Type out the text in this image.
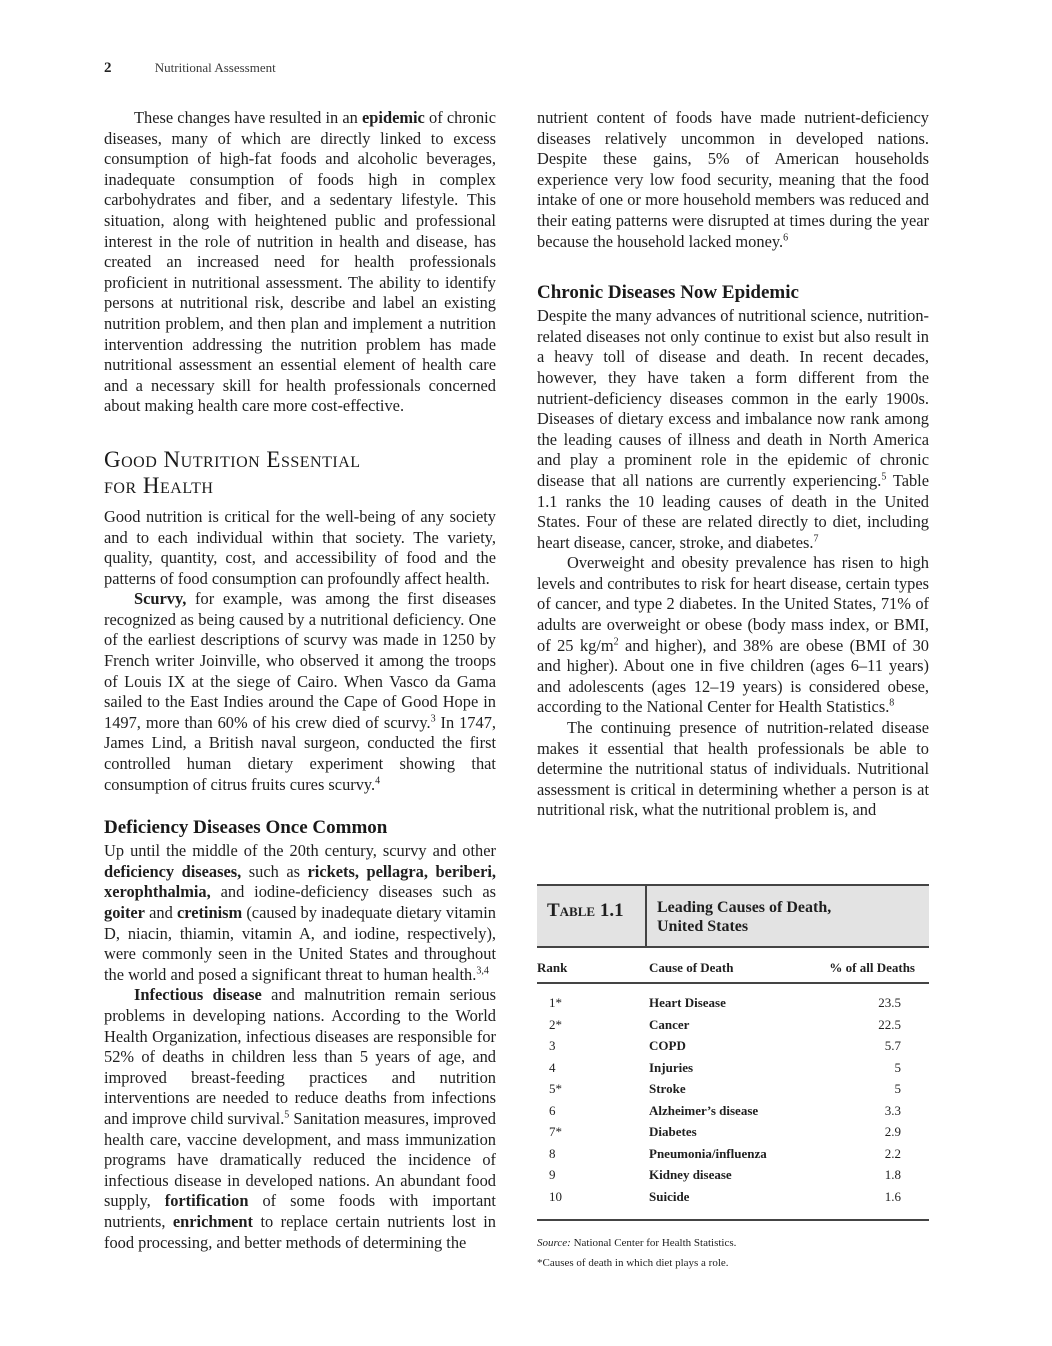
2	Nutritional Assessment

These changes have resulted in an epidemic of chronic diseases, many of which are directly linked to excess consumption of high-fat foods and alcoholic beverages, inadequate consumption of foods high in complex carbohydrates and fiber, and a sedentary lifestyle. This situation, along with heightened public and professional interest in the role of nutrition in health and disease, has created an increased need for health professionals proficient in nutritional assessment. The ability to identify persons at nutritional risk, describe and label an existing nutrition problem, and then plan and implement a nutrition intervention addressing the nutrition problem has made nutritional assessment an essential element of health care and a necessary skill for health professionals concerned about making health care more cost-effective.

Good Nutrition Essential
for Health

Good nutrition is critical for the well-being of any society and to each individual within that society. The variety, quality, quantity, cost, and accessibility of food and the patterns of food consumption can profoundly affect health.

Scurvy, for example, was among the first diseases recognized as being caused by a nutritional deficiency. One of the earliest descriptions of scurvy was made in 1250 by French writer Joinville, who observed it among the troops of Louis IX at the siege of Cairo. When Vasco da Gama sailed to the East Indies around the Cape of Good Hope in 1497, more than 60% of his crew died of scurvy.$^3$ In 1747, James Lind, a British naval surgeon, conducted the first controlled human dietary experiment showing that consumption of citrus fruits cures scurvy.$^4$

Deficiency Diseases Once Common

Up until the middle of the 20th century, scurvy and other deficiency diseases, such as rickets, pellagra, beriberi, xerophthalmia, and iodine-deficiency diseases such as goiter and cretinism (caused by inadequate dietary vitamin D, niacin, thiamin, vitamin A, and iodine, respectively), were commonly seen in the United States and throughout the world and posed a significant threat to human health.$^{3,4}$

Infectious disease and malnutrition remain serious problems in developing nations. According to the World Health Organization, infectious diseases are responsible for 52% of deaths in children less than 5 years of age, and improved breast-feeding practices and nutrition interventions are needed to reduce deaths from infections and improve child survival.$^5$ Sanitation measures, improved health care, vaccine development, and mass immunization programs have dramatically reduced the incidence of infectious disease in developed nations. An abundant food supply, fortification of some foods with important nutrients, enrichment to replace certain nutrients lost in food processing, and better methods of determining the

nutrient content of foods have made nutrient-deficiency diseases relatively uncommon in developed nations. Despite these gains, 5% of American households experience very low food security, meaning that the food intake of one or more household members was reduced and their eating patterns were disrupted at times during the year because the household lacked money.$^6$

Chronic Diseases Now Epidemic

Despite the many advances of nutritional science, nutrition-related diseases not only continue to exist but also result in a heavy toll of disease and death. In recent decades, however, they have taken a form different from the nutrient-deficiency diseases common in the early 1900s. Diseases of dietary excess and imbalance now rank among the leading causes of illness and death in North America and play a prominent role in the epidemic of chronic disease that all nations are currently experiencing.$^5$ Table 1.1 ranks the 10 leading causes of death in the United States. Four of these are related directly to diet, including heart disease, cancer, stroke, and diabetes.$^7$

Overweight and obesity prevalence has risen to high levels and contributes to risk for heart disease, certain types of cancer, and type 2 diabetes. In the United States, 71% of adults are overweight or obese (body mass index, or BMI, of 25 $kg/m^2$ and higher), and 38% are obese (BMI of 30 and higher). About one in five children (ages 6–11 years) and adolescents (ages 12–19 years) is considered obese, according to the National Center for Health Statistics.$^8$

The continuing presence of nutrition-related disease makes it essential that health professionals be able to determine the nutritional status of individuals. Nutritional assessment is critical in determining whether a person is at nutritional risk, what the nutritional problem is, and

Table 1.1	Leading Causes of Death,
United States
Rank	Cause of Death	% of all Deaths
1*	Heart Disease	23.5
2*	Cancer	22.5
3	COPD	5.7
4	Injuries	5
5*	Stroke	5
6	Alzheimer’s disease	3.3
7*	Diabetes	2.9
8	Pneumonia/influenza	2.2
9	Kidney disease	1.8
10	Suicide	1.6
Source: National Center for Health Statistics.
*Causes of death in which diet plays a role.
